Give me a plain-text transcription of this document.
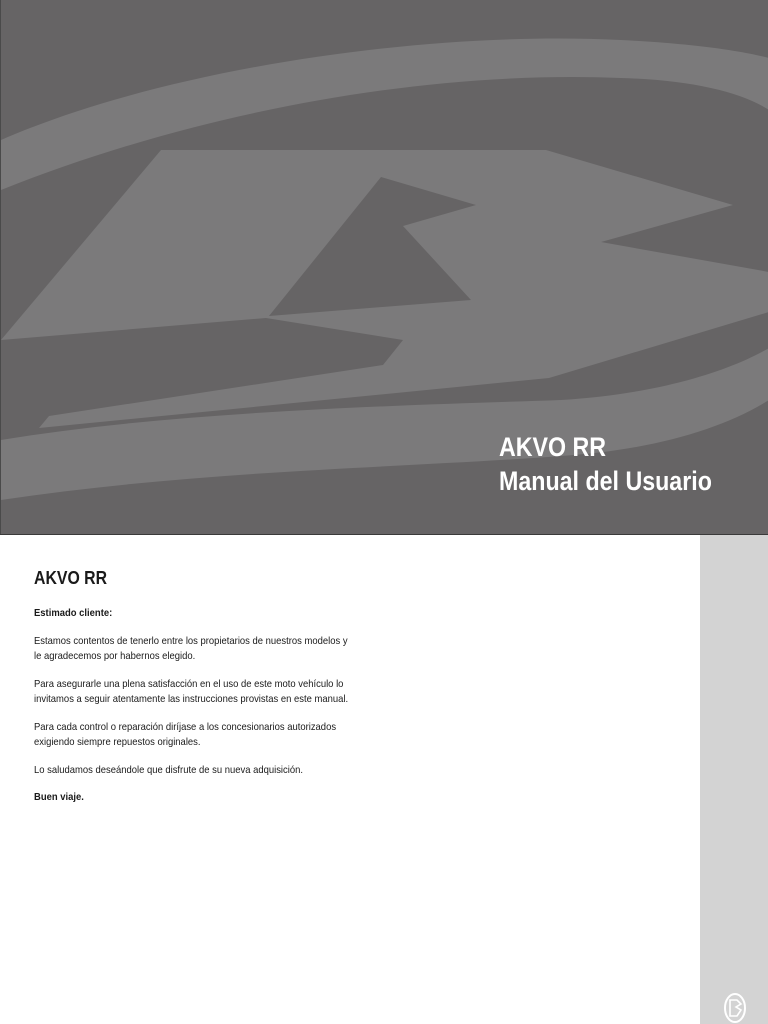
AKVO RR
Manual del Usuario
AKVO RR

Estimado cliente:

Estamos contentos de tenerlo entre los propietarios de nuestros modelos y le agradecemos por habernos elegido.

Para asegurarle una plena satisfacción en el uso de este moto vehículo lo invitamos a seguir atentamente las instrucciones provistas en este manual.

Para cada control o reparación diríjase a los concesionarios autorizados exigiendo siempre repuestos originales.

Lo saludamos deseándole que disfrute de su nueva adquisición.

Buen viaje.
